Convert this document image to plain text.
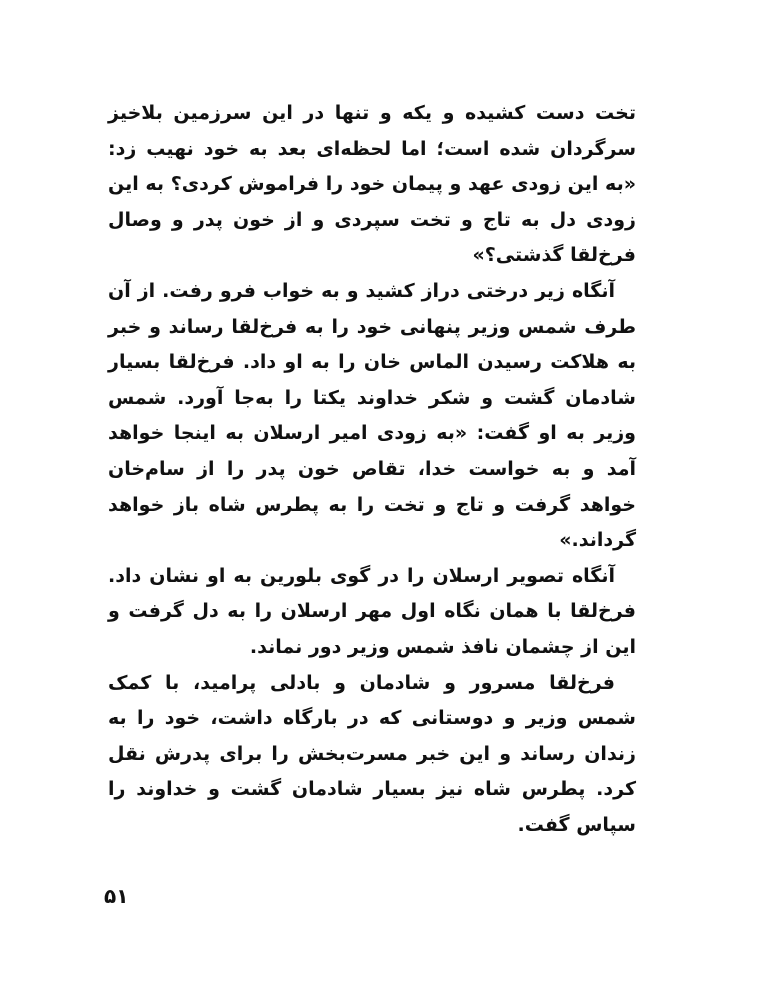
تخت دست کشیده و یکه و تنها در این سرزمین بلاخیز سرگردان شده است؛ اما لحظه‌ای بعد به خود نهیب زد: «به این زودی عهد و پیمان خود را فراموش کردی؟ به این زودی دل به تاج و تخت سپردی و از خون پدر و وصال فرخ‌لقا گذشتی؟»

آنگاه زیر درختی دراز کشید و به خواب فرو رفت. از آن طرف شمس وزیر پنهانی خود را به فرخ‌لقا رساند و خبر به هلاکت رسیدن الماس خان را به او داد. فرخ‌لقا بسیار شادمان گشت و شکر خداوند یکتا را به‌جا آورد. شمس وزیر به او گفت: «به زودی امیر ارسلان به اینجا خواهد آمد و به خواست خدا، تقاص خون پدر را از سام‌خان خواهد گرفت و تاج و تخت را به پطرس شاه باز خواهد گرداند.»

آنگاه تصویر ارسلان را در گوی بلورین به او نشان داد. فرخ‌لقا با همان نگاه اول مهر ارسلان را به دل گرفت و این از چشمان نافذ شمس وزیر دور نماند.

فرخ‌لقا مسرور و شادمان و بادلی پرامید، با کمک شمس وزیر و دوستانی که در بارگاه داشت، خود را به زندان رساند و این خبر مسرت‌بخش را برای پدرش نقل کرد. پطرس شاه نیز بسیار شادمان گشت و خداوند را سپاس گفت.

۵۱
